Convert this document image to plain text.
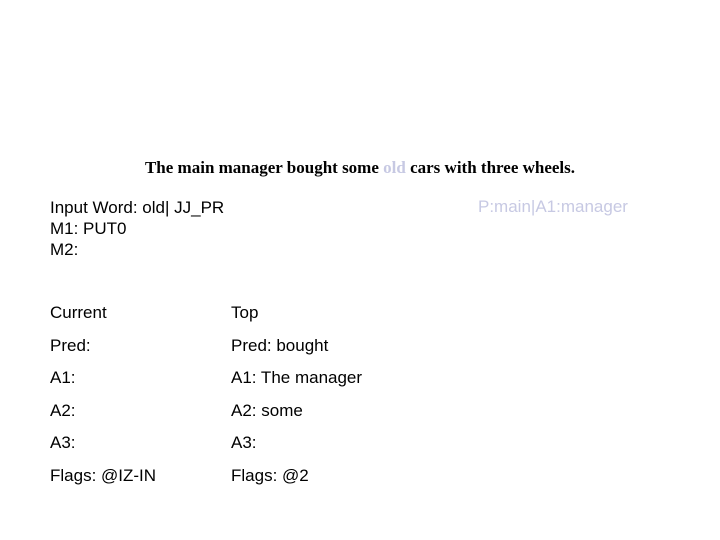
The main manager bought some old cars with three wheels.
Input Word: old| JJ_PR
M1: PUT0
M2:
P:main|A1:manager
Current
Pred:
A1:
A2:
A3:
Flags: @IZ-IN
Top
Pred: bought
A1: The manager
A2: some
A3:
Flags: @2
